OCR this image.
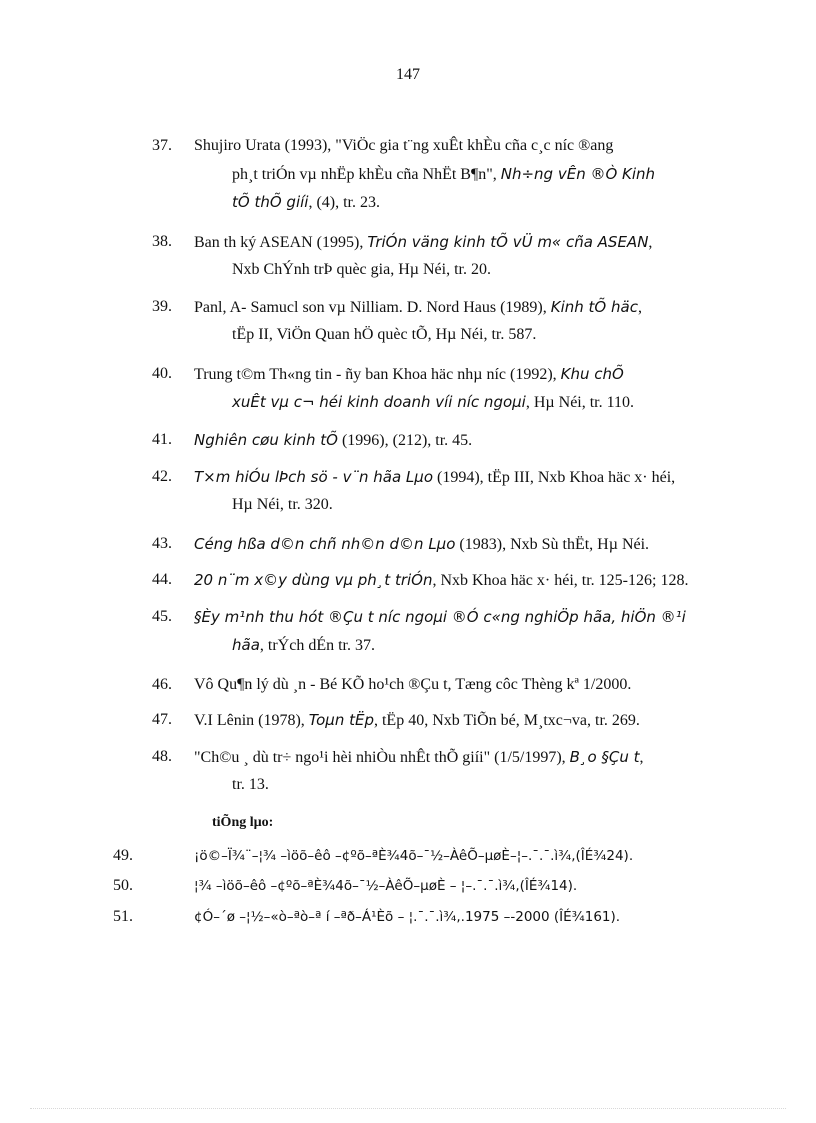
147
37.	Shujiro Urata (1993), "ViÖc gia t¨ng xuÊt khÈu cña c¸c níc ®ang
ph¸t triÓn vµ nhËp khÈu cña NhËt B¶n", Nh÷ng vÊn ®Ò Kinh
tÕ thÕ giíi, (4), tr. 23.
38.	Ban th ký ASEAN (1995), TriÓn väng kinh tÕ vÜ m« cña ASEAN,
Nxb ChÝnh trÞ quèc gia, Hµ Néi, tr. 20.
39.	Panl, A- Samucl son vµ Nilliam. D. Nord Haus (1989), Kinh tÕ häc,
tËp II, ViÖn Quan hÖ quèc tÕ, Hµ Néi, tr. 587.
40.	Trung t©m Th«ng tin - ñy ban Khoa häc nhµ níc (1992), Khu chÕ
xuÊt vµ c¬ héi kinh doanh víi níc ngoµi, Hµ Néi, tr. 110.
41.	Nghiên cøu kinh tÕ (1996), (212), tr. 45.
42.	T×m hiÓu lÞch sö - v¨n hãa Lµo (1994), tËp III, Nxb Khoa häc x· héi,
Hµ Néi, tr. 320.
43.	Céng hßa d©n chñ nh©n d©n Lµo (1983), Nxb Sù thËt, Hµ Néi.
44.	20 n¨m x©y dùng vµ ph¸t triÓn, Nxb Khoa häc x· héi, tr. 125-126; 128.
45.	§Èy m¹nh thu hót ®Çu t níc ngoµi ®Ó c«ng nghiÖp hãa, hiÖn ®¹i
hãa, trÝch dÉn tr. 37.
46.	Vô Qu¶n lý dù ¸n - Bé KÕ ho¹ch ®Çu t, Tæng côc Thèng kª 1/2000.
47.	V.I Lênin (1978), Toµn tËp, tËp 40, Nxb TiÕn bé, M¸txc¬va, tr. 269.
48.	"Ch©u ¸ dù tr÷ ngo¹i hèi nhiÒu nhÊt thÕ giíi" (1/5/1997), B¸o §Çu t,
tr. 13.
tiÕng lµo:
49.	¡ö©–Ï¾¨–¦¾ –ìöõ–êô –¢ºõ–ªÈ¾4õ–¯½–ÀêÕ–µøÈ–¦–.¯.¯.ì¾,(ÎÉ¾24).
50.	¦¾ –ìöõ–êô –¢ºõ–ªÈ¾4õ–¯½–ÀêÕ–µøÈ – ¦–.¯.¯.ì¾,(ÎÉ¾14).
51.	¢Ó–´ø –¦½–«ò–ªò–ª í –ªð–Á¹Èõ – ¦.¯.¯.ì¾,.1975 –-2000 (ÎÉ¾161).
